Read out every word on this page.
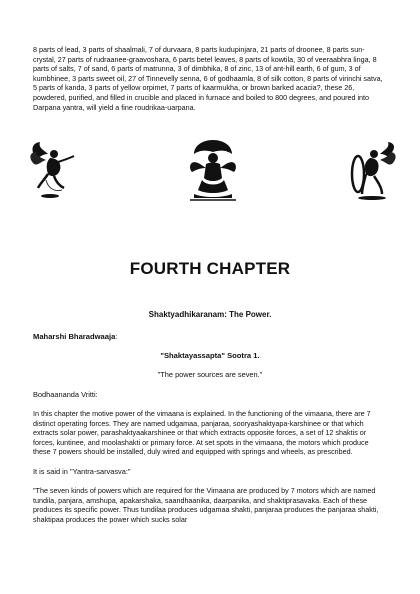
8 parts of lead, 3 parts of shaalmali, 7 of durvaara, 8 parts kudupinjara, 21 parts of droonee, 8 parts sun-crystal, 27 parts of rudraanee-graavoshara, 6 parts betel leaves, 8 parts of kowtila, 30 of veeraabhra linga, 8 parts of salts, 7 of sand, 6 parts of matrunna, 3 of dimbhika, 8 of zinc, 13 of ant-hill earth, 6 of gum, 3 of kumbhinee, 3 parts sweet oil, 27 of Tinnevelly senna, 6 of godhaamla, 8 of silk cotton, 8 parts of virinchi satva, 5 parts of kanda, 3 parts of yellow orpimet, 7 parts of kaarmukha, or brown barked acacia?, these 26, powdered, purified, and filled in crucible and placed in furnace and boiled to 800 degrees, and poured into Darpana yantra, will yield a fine roudrikaa-uarpana.

FOURTH CHAPTER
Shaktyadhikaranam: The Power.
Maharshi Bharadwaaja:
"Shaktayassapta" Sootra 1.
"The power sources are seven."
Bodhaananda Vritti:

In this chapter the motive power of the vimaana is explained. In the functioning of the vimaana, there are 7 distinct operating forces. They are named udgamaa, panjaraa, sooryashaktyapa-karshinee or that which extracts solar power, parashaktyaakarshinee or that which extracts opposite forces, a set of 12 shaktis or forces, kuntinee, and moolashakti or primary force. At set spots in the vimaana, the motors which produce these 7 powers should be installed, duly wired and equipped with springs and wheels, as prescribed.

It is said in "Yantra-sarvasva:"

"The seven kinds of powers which are required for the Vimaana are produced by 7 motors which are named tundila, panjara, amshupa, apakarshaka, saandhaanika, daarpanika, and shaktiprasavaka. Each of these produces its specific power. Thus tundilaa produces udgamaa shakti, panjaraa produces the panjaraa shakti, shaktipaa produces the power which sucks solar
